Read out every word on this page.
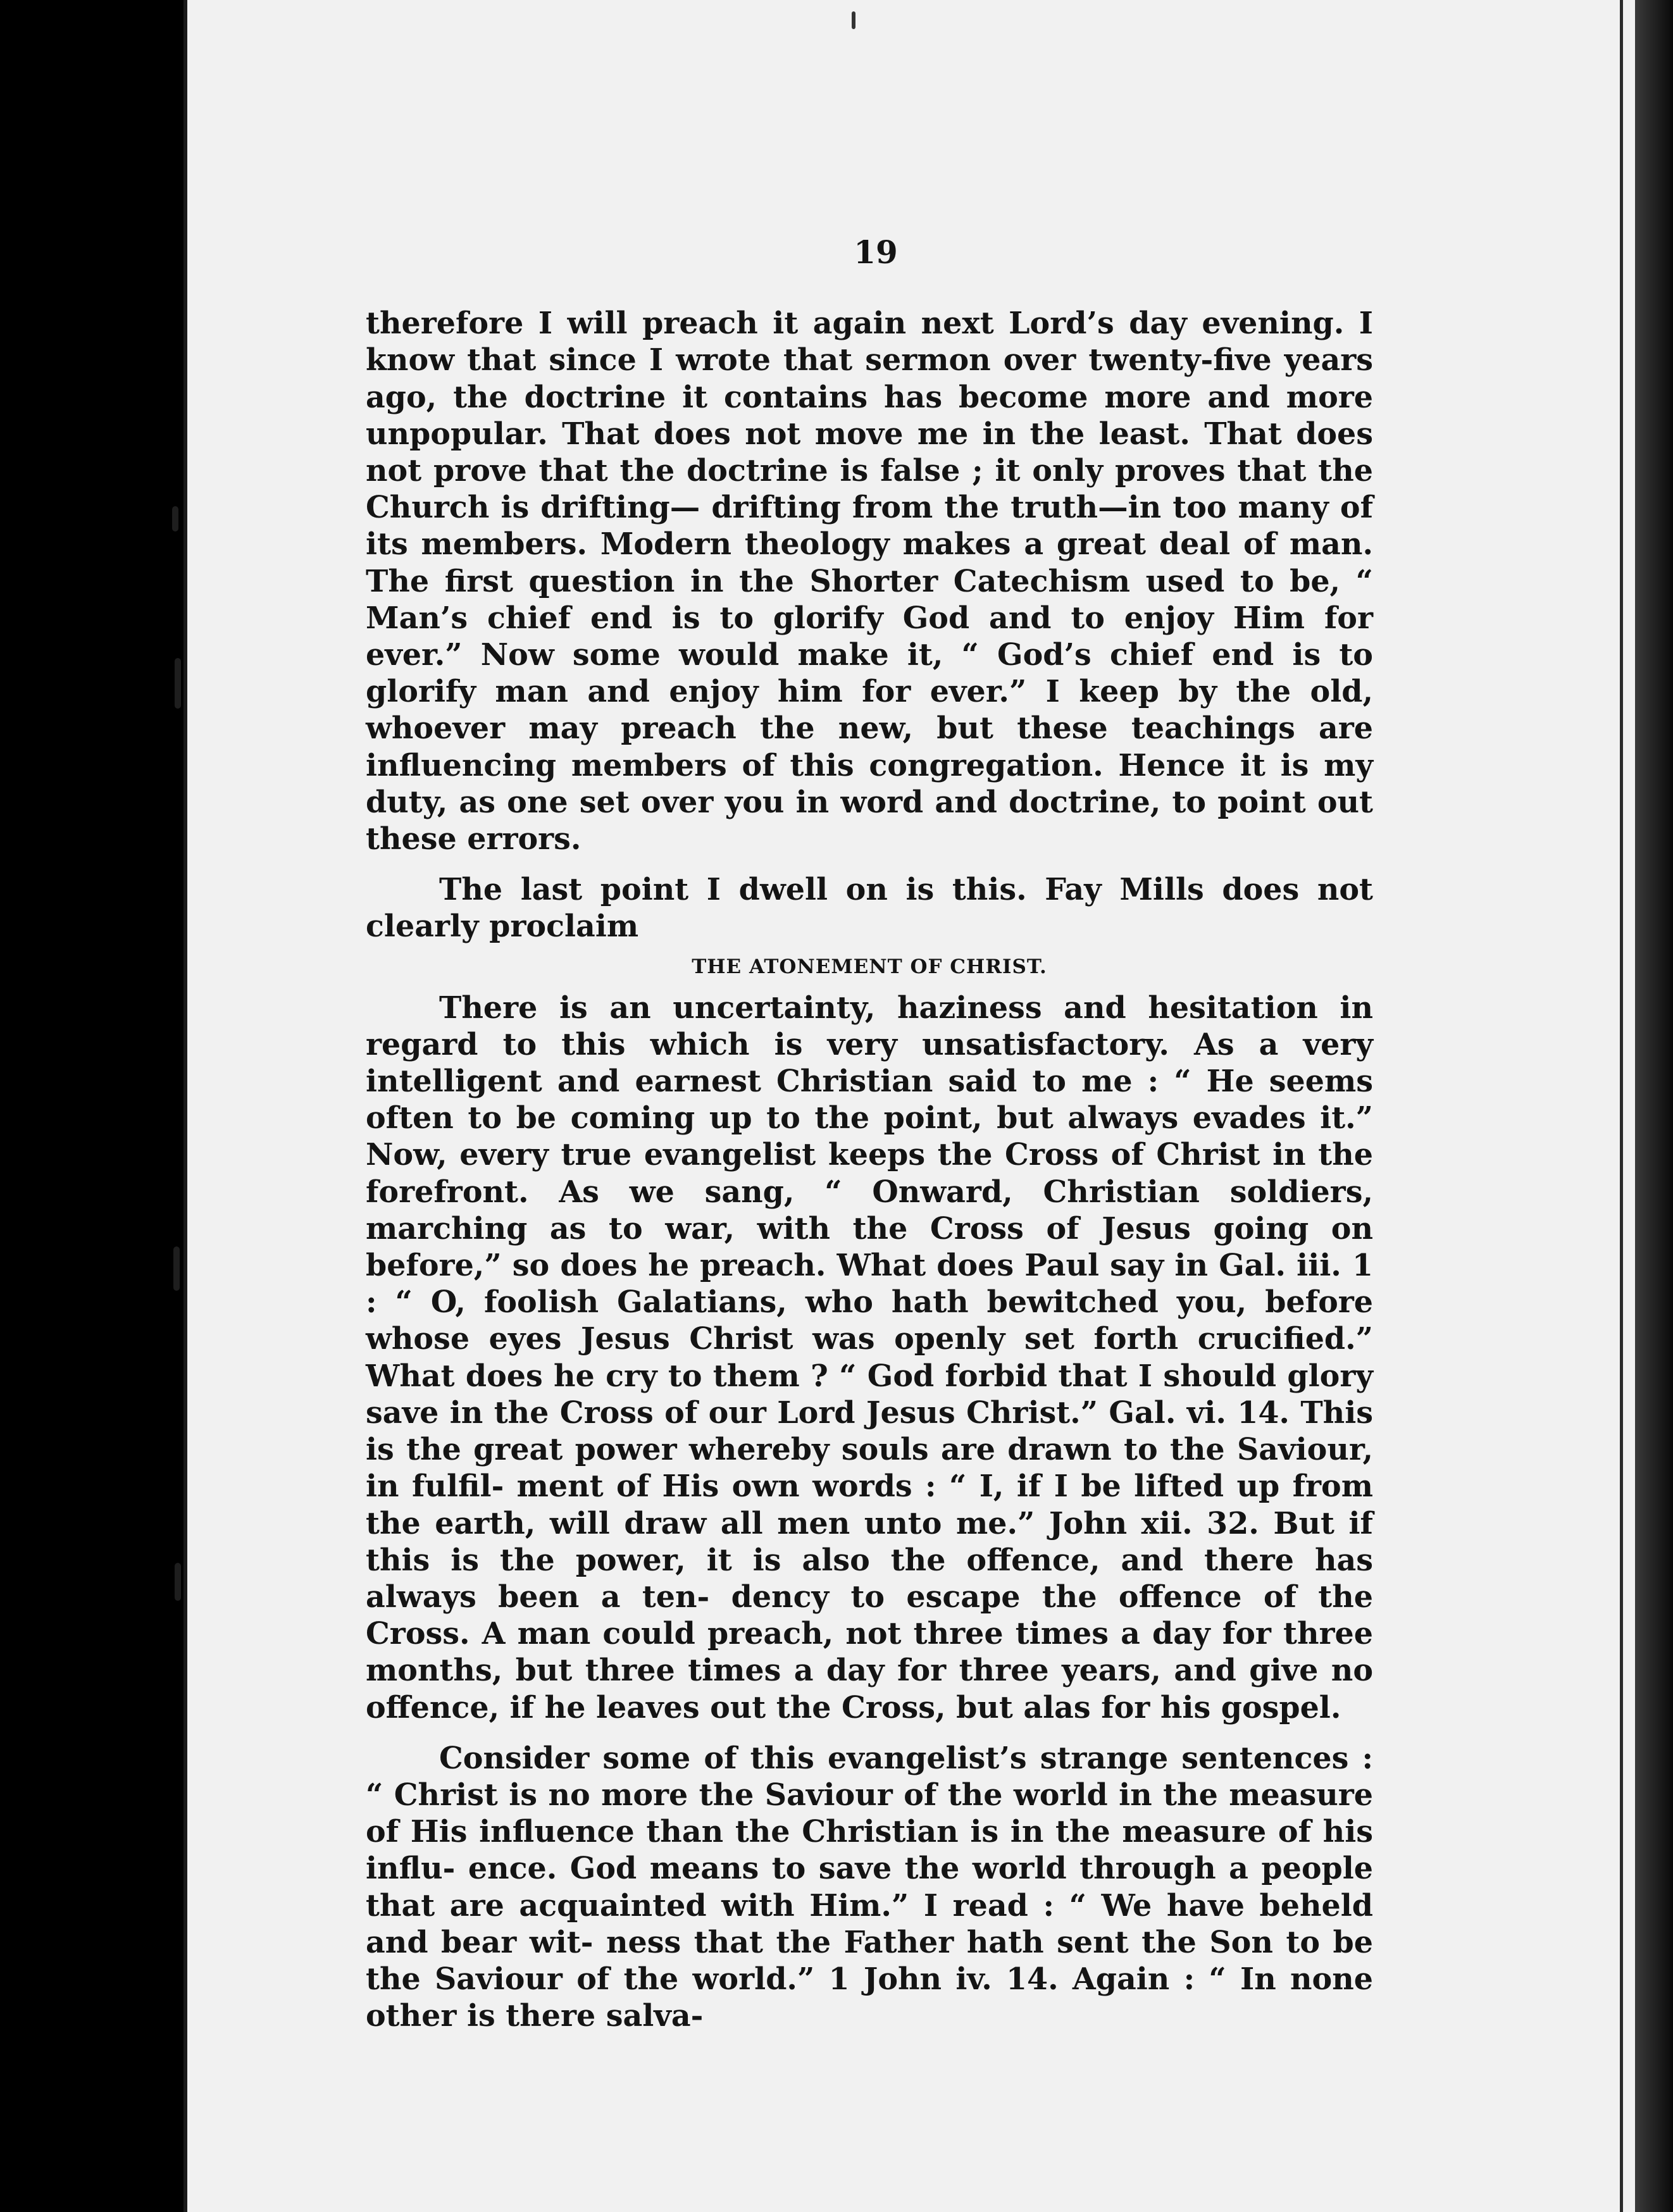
19

therefore I will preach it again next Lord’s day evening. I know that since I wrote that sermon over twenty-five years ago, the doctrine it contains has become more and more unpopular. That does not move me in the least. That does not prove that the doctrine is false ; it only proves that the Church is drifting— drifting from the truth—in too many of its members. Modern theology makes a great deal of man. The first question in the Shorter Catechism used to be, “ Man’s chief end is to glorify God and to enjoy Him for ever.” Now some would make it, “ God’s chief end is to glorify man and enjoy him for ever.” I keep by the old, whoever may preach the new, but these teachings are influencing members of this congregation. Hence it is my duty, as one set over you in word and doctrine, to point out these errors.

The last point I dwell on is this. Fay Mills does not clearly proclaim

THE ATONEMENT OF CHRIST.

There is an uncertainty, haziness and hesitation in regard to this which is very unsatisfactory. As a very intelligent and earnest Christian said to me : “ He seems often to be coming up to the point, but always evades it.” Now, every true evangelist keeps the Cross of Christ in the forefront. As we sang, “ Onward, Christian soldiers, marching as to war, with the Cross of Jesus going on before,” so does he preach. What does Paul say in Gal. iii. 1 : “ O, foolish Galatians, who hath bewitched you, before whose eyes Jesus Christ was openly set forth crucified.” What does he cry to them ? “ God forbid that I should glory save in the Cross of our Lord Jesus Christ.” Gal. vi. 14. This is the great power whereby souls are drawn to the Saviour, in fulfil- ment of His own words : “ I, if I be lifted up from the earth, will draw all men unto me.” John xii. 32. But if this is the power, it is also the offence, and there has always been a ten- dency to escape the offence of the Cross. A man could preach, not three times a day for three months, but three times a day for three years, and give no offence, if he leaves out the Cross, but alas for his gospel.

Consider some of this evangelist’s strange sentences : “ Christ is no more the Saviour of the world in the measure of His influence than the Christian is in the measure of his influ- ence. God means to save the world through a people that are acquainted with Him.” I read : “ We have beheld and bear wit- ness that the Father hath sent the Son to be the Saviour of the world.” 1 John iv. 14. Again : “ In none other is there salva-
